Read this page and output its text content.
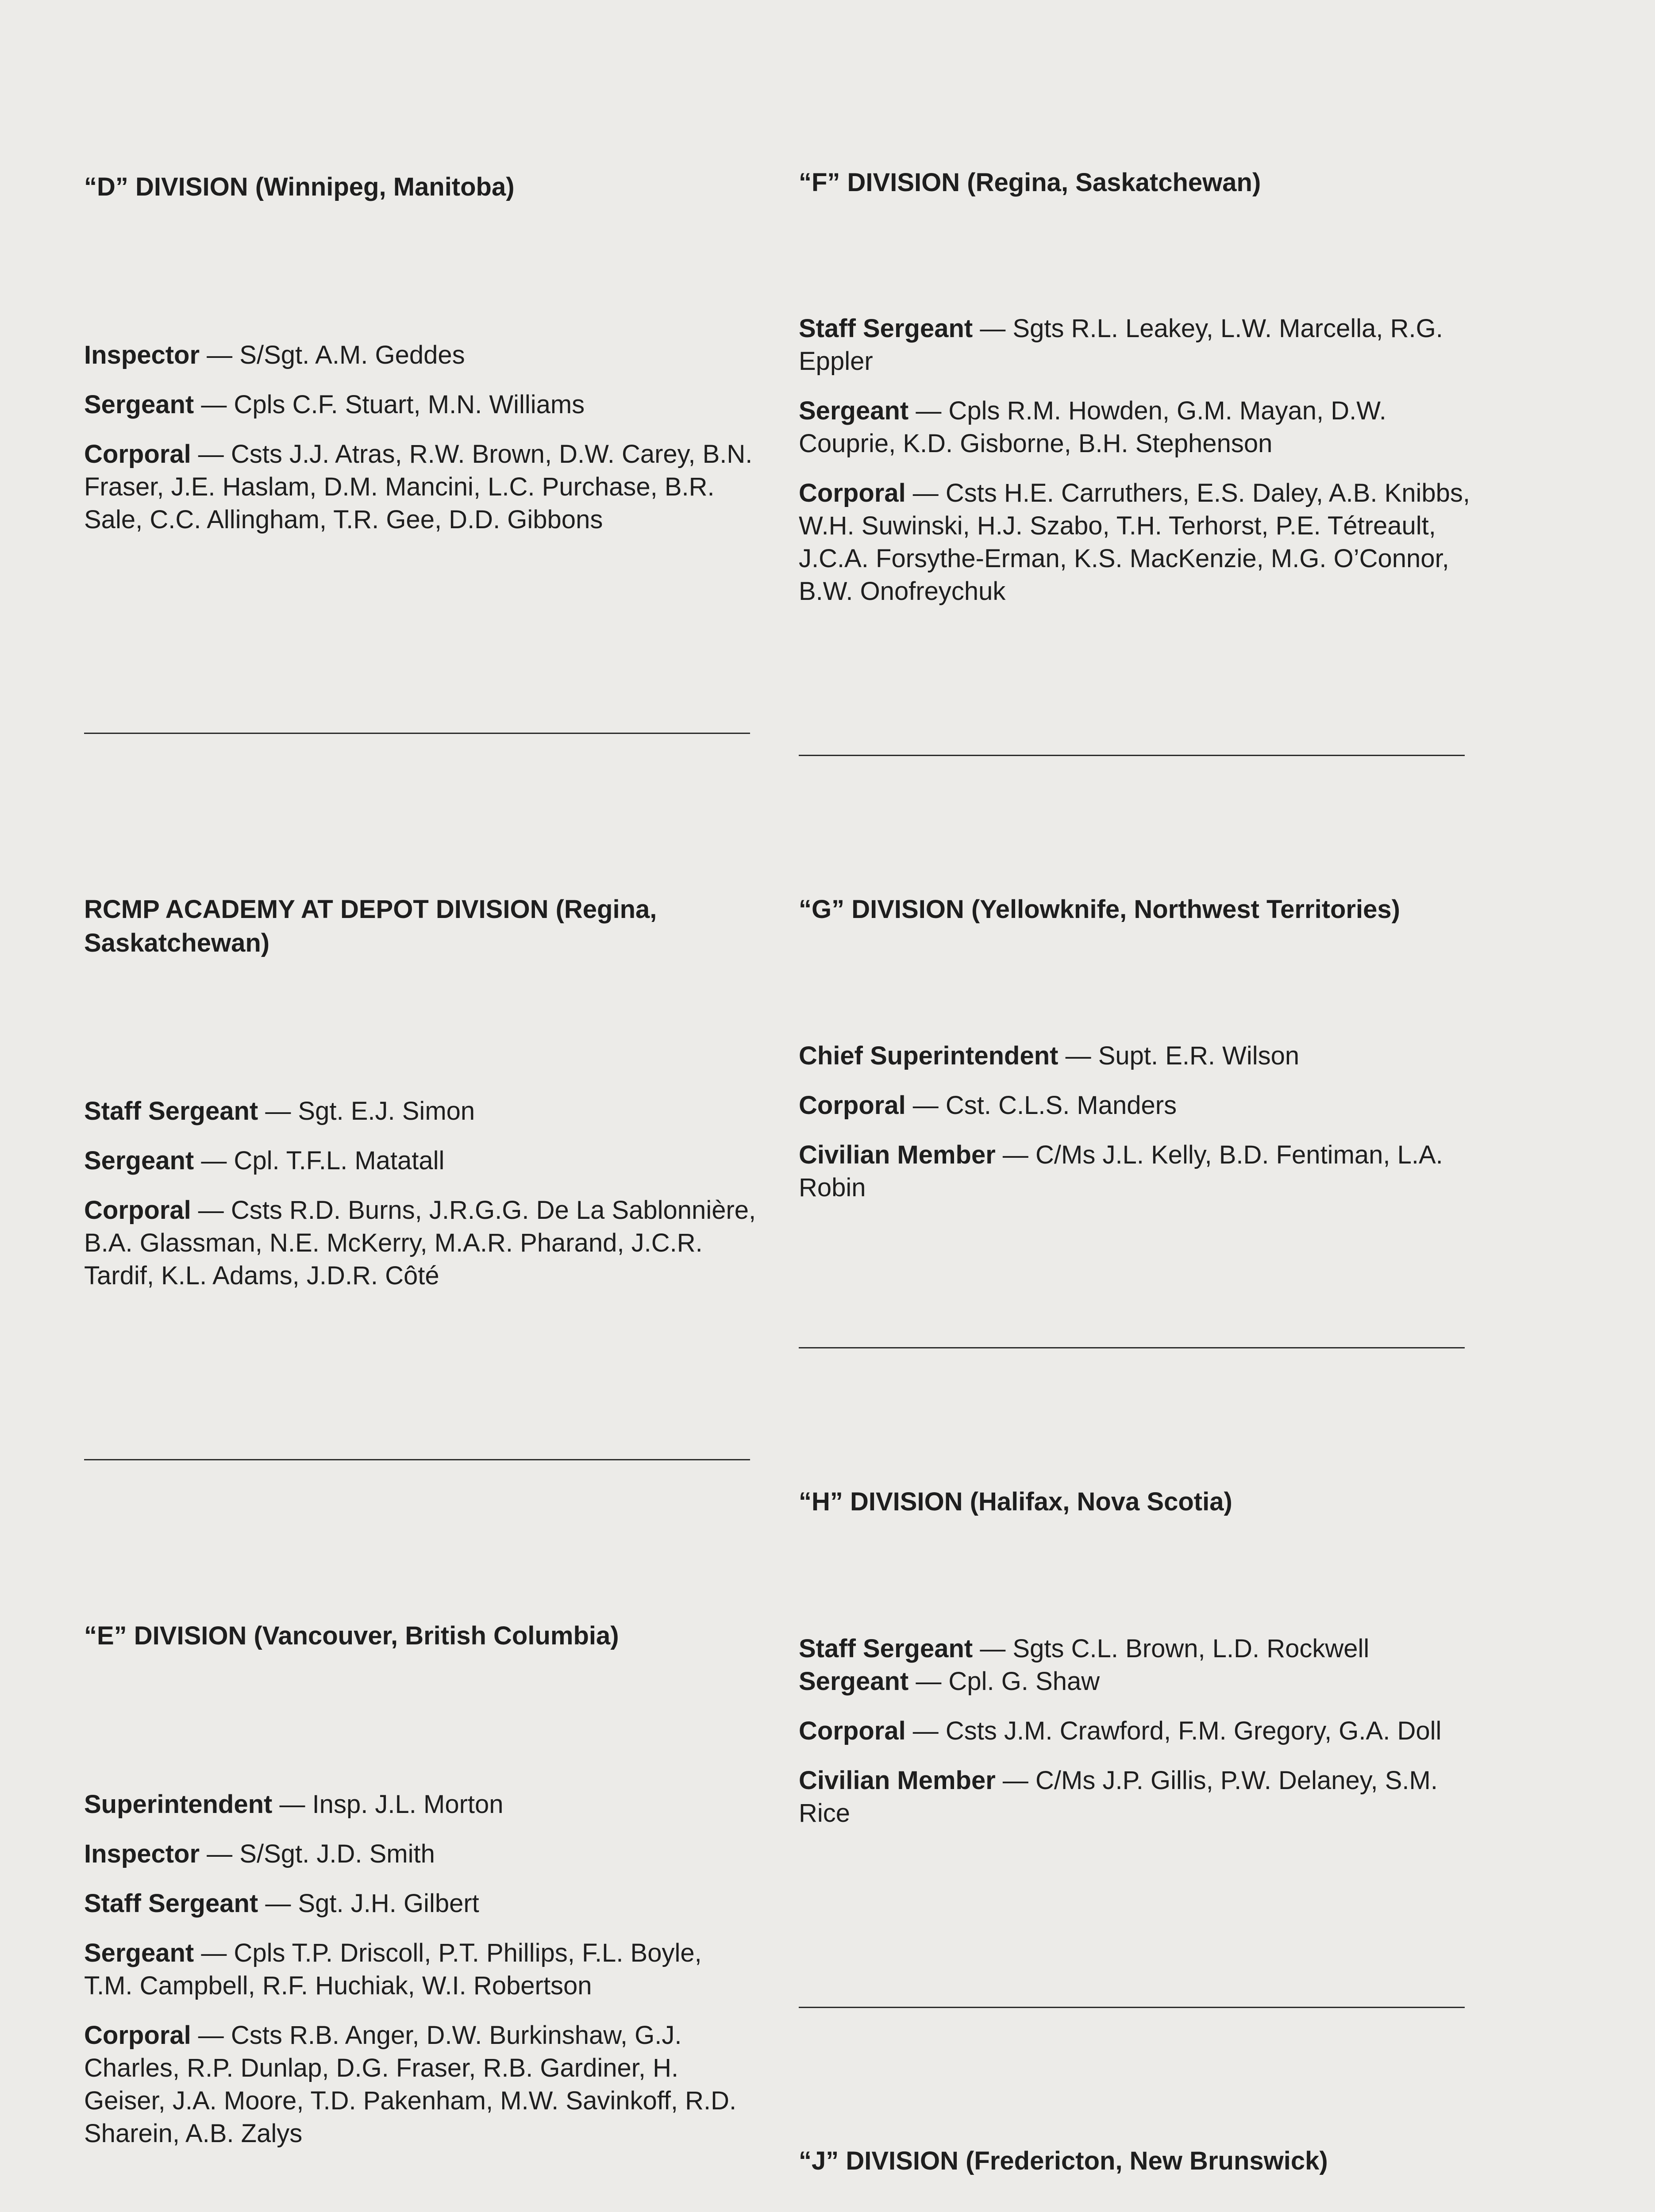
“D” DIVISION (Winnipeg, Manitoba)

Inspector — S/Sgt. A.M. Geddes

Sergeant — Cpls C.F. Stuart, M.N. Williams

Corporal — Csts J.J. Atras, R.W. Brown, D.W. Carey, B.N. Fraser, J.E. Haslam, D.M. Mancini, L.C. Purchase, B.R. Sale, C.C. Allingham, T.R. Gee, D.D. Gibbons

RCMP ACADEMY AT DEPOT DIVISION (Regina, Saskatchewan)

Staff Sergeant — Sgt. E.J. Simon

Sergeant — Cpl. T.F.L. Matatall

Corporal — Csts R.D. Burns, J.R.G.G. De La Sablonnière, B.A. Glassman, N.E. McKerry, M.A.R. Pharand, J.C.R. Tardif, K.L. Adams, J.D.R. Côté

“E” DIVISION (Vancouver, British Columbia)

Superintendent — Insp. J.L. Morton

Inspector — S/Sgt. J.D. Smith

Staff Sergeant — Sgt. J.H. Gilbert

Sergeant — Cpls T.P. Driscoll, P.T. Phillips, F.L. Boyle, T.M. Campbell, R.F. Huchiak, W.I. Robertson

Corporal — Csts R.B. Anger, D.W. Burkinshaw, G.J. Charles, R.P. Dunlap, D.G. Fraser, R.B. Gardiner, H. Geiser, J.A. Moore, T.D. Pakenham, M.W. Savinkoff, R.D. Sharein, A.B. Zalys

“F” DIVISION (Regina, Saskatchewan)

Staff Sergeant — Sgts R.L. Leakey, L.W. Marcella, R.G. Eppler

Sergeant — Cpls R.M. Howden, G.M. Mayan, D.W. Couprie, K.D. Gisborne, B.H. Stephenson

Corporal — Csts H.E. Carruthers, E.S. Daley, A.B. Knibbs, W.H. Suwinski, H.J. Szabo, T.H. Terhorst, P.E. Tétreault, J.C.A. Forsythe-Erman, K.S. MacKenzie, M.G. O’Connor, B.W. Onofreychuk

“G” DIVISION (Yellowknife, Northwest Territories)

Chief Superintendent — Supt. E.R. Wilson

Corporal — Cst. C.L.S. Manders

Civilian Member — C/Ms J.L. Kelly, B.D. Fentiman, L.A. Robin

“H” DIVISION (Halifax, Nova Scotia)

Staff Sergeant — Sgts C.L. Brown, L.D. Rockwell

Sergeant — Cpl. G. Shaw

Corporal — Csts J.M. Crawford, F.M. Gregory, G.A. Doll

Civilian Member — C/Ms J.P. Gillis, P.W. Delaney, S.M. Rice

“J” DIVISION (Fredericton, New Brunswick)
